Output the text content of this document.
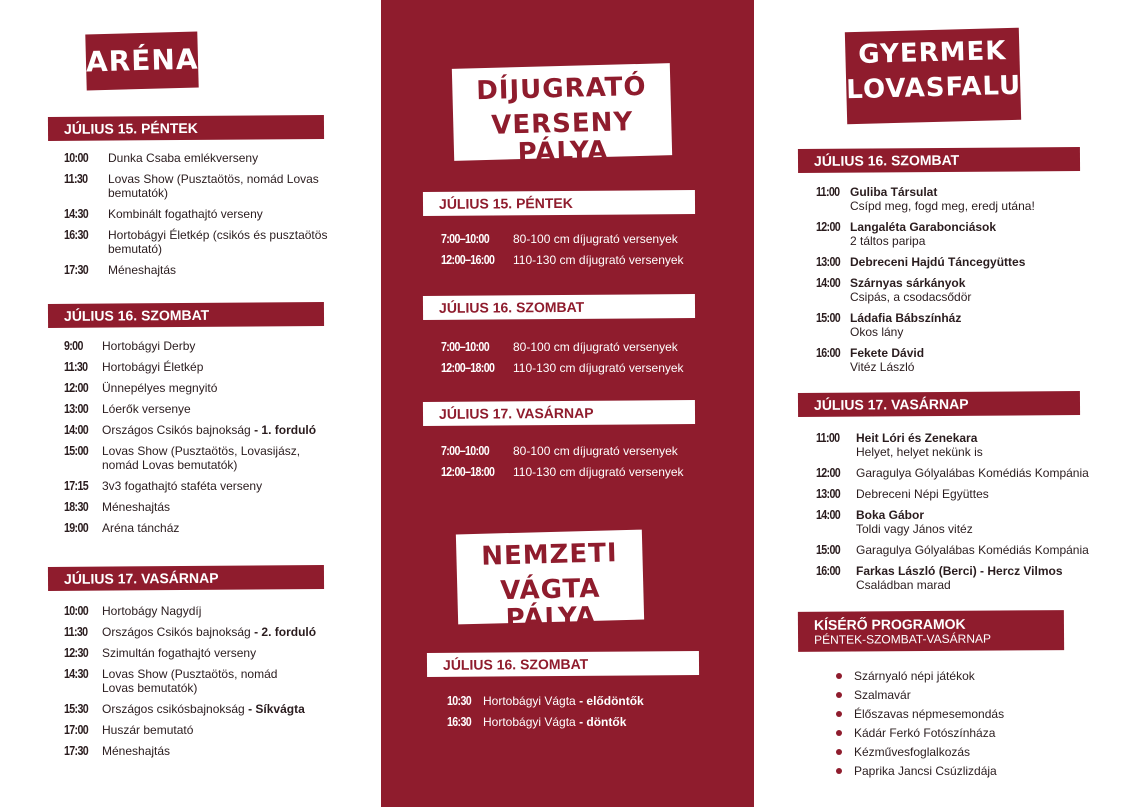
ARÉNA
JÚLIUS 15. PÉNTEK
10:00	Dunka Csaba emlékverseny
11:30	Lovas Show (Pusztaötös, nomád Lovas bemutatók)
14:30	Kombinált fogathajtó verseny
16:30	Hortobágyi Életkép (csikós és pusztaötös bemutató)
17:30	Méneshajtás
JÚLIUS 16. SZOMBAT
9:00	Hortobágyi Derby
11:30	Hortobágyi Életkép
12:00	Ünnepélyes megnyitó
13:00	Lóerők versenye
14:00	Országos Csikós bajnokság - 1. forduló
15:00	Lovas Show (Pusztaötös, Lovasijász, nomád Lovas bemutatók)
17:15	3v3 fogathajtó staféta verseny
18:30	Méneshajtás
19:00	Aréna táncház
JÚLIUS 17. VASÁRNAP
10:00	Hortobágy Nagydíj
11:30	Országos Csikós bajnokság - 2. forduló
12:30	Szimultán fogathajtó verseny
14:30	Lovas Show (Pusztaötös, nomád Lovas bemutatók)
15:30	Országos csikósbajnokság - Síkvágta
17:00	Huszár bemutató
17:30	Méneshajtás
DÍJUGRATÓ
VERSENY PÁLYA
JÚLIUS 15. PÉNTEK
7:00–10:00	80-100 cm díjugrató versenyek
12:00–16:00	110-130 cm díjugrató versenyek
JÚLIUS 16. SZOMBAT
7:00–10:00	80-100 cm díjugrató versenyek
12:00–18:00	110-130 cm díjugrató versenyek
JÚLIUS 17. VASÁRNAP
7:00–10:00	80-100 cm díjugrató versenyek
12:00–18:00	110-130 cm díjugrató versenyek
NEMZETI
VÁGTA PÁLYA
JÚLIUS 16. SZOMBAT
10:30	Hortobágyi Vágta - elődöntők
16:30	Hortobágyi Vágta - döntők
GYERMEK
LOVASFALU
JÚLIUS 16. SZOMBAT
11:00 Guliba Társulat
Csípd meg, fogd meg, eredj utána!
12:00 Langaléta Garabonciások
2 táltos paripa
13:00 Debreceni Hajdú Táncegyüttes
14:00 Szárnyas sárkányok
Csipás, a csodacsődör
15:00 Ládafia Bábszínház
Okos lány
16:00 Fekete Dávid
Vitéz László
JÚLIUS 17. VASÁRNAP
11:00	Heit Lóri és Zenekara
Helyet, helyet nekünk is
12:00	Garagulya Gólyalábas Komédiás Kompánia
13:00	Debreceni Népi Együttes
14:00	Boka Gábor
Toldi vagy János vitéz
15:00	Garagulya Gólyalábas Komédiás Kompánia
16:00	Farkas László (Berci) - Hercz Vilmos
Családban marad
KÍSÉRŐ PROGRAMOK
PÉNTEK-SZOMBAT-VASÁRNAP
Szárnyaló népi játékok
Szalmavár
Élőszavas népmesemondás
Kádár Ferkó Fotószínháza
Kézművesfoglalkozás
Paprika Jancsi Csúzlizdája
